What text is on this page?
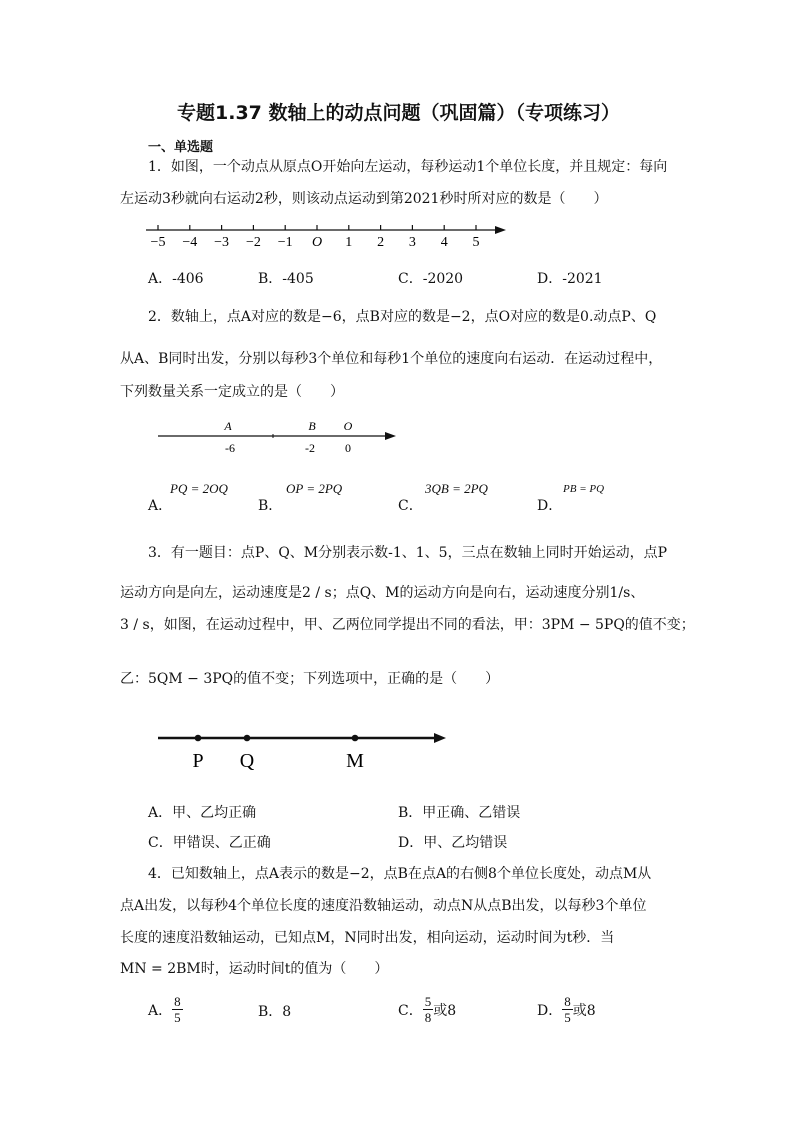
专题1.37 数轴上的动点问题（巩固篇）（专项练习）
一、单选题
1．如图，一个动点从原点O开始向左运动，每秒运动1个单位长度，并且规定：每向
左运动3秒就向右运动2秒，则该动点运动到第2021秒时所对应的数是（　　）
−5 −4 −3 −2 −1 O 1 2 3 4 5
A．-406	B．-405	C．-2020	D．-2021
2．数轴上，点A对应的数是−6，点B对应的数是−2，点O对应的数是0.动点P、Q
从A、B同时出发，分别以每秒3个单位和每秒1个单位的速度向右运动．在运动过程中，
下列数量关系一定成立的是（　　）
A
-6
B
-2
O
0
PQ = 2OQ
A．
OP = 2PQ
B．
3QB = 2PQ
C．
PB = PQ
D．
3．有一题目：点P、Q、M分别表示数-1、1、5，三点在数轴上同时开始运动，点P
运动方向是向左，运动速度是2 / s；点Q、M的运动方向是向右，运动速度分别1/s、
3 / s，如图，在运动过程中，甲、乙两位同学提出不同的看法，甲：3PM − 5PQ的值不变；
乙：5QM − 3PQ的值不变；下列选项中，正确的是（　　）
P Q	M
A．甲、乙均正确	B．甲正确、乙错误
C．甲错误、乙正确	D．甲、乙均错误
4．已知数轴上，点A表示的数是−2，点B在点A的右侧8个单位长度处，动点M从
点A出发，以每秒4个单位长度的速度沿数轴运动，动点N从点B出发，以每秒3个单位
长度的速度沿数轴运动，已知点M，N同时出发，相向运动，运动时间为t秒．当
MN = 2BM时，运动时间t的值为（　　）
A． $\frac{8}{5}$	B．8	C． $\frac{5}{8}$ 或8	D． $\frac{8}{5}$ 或8
